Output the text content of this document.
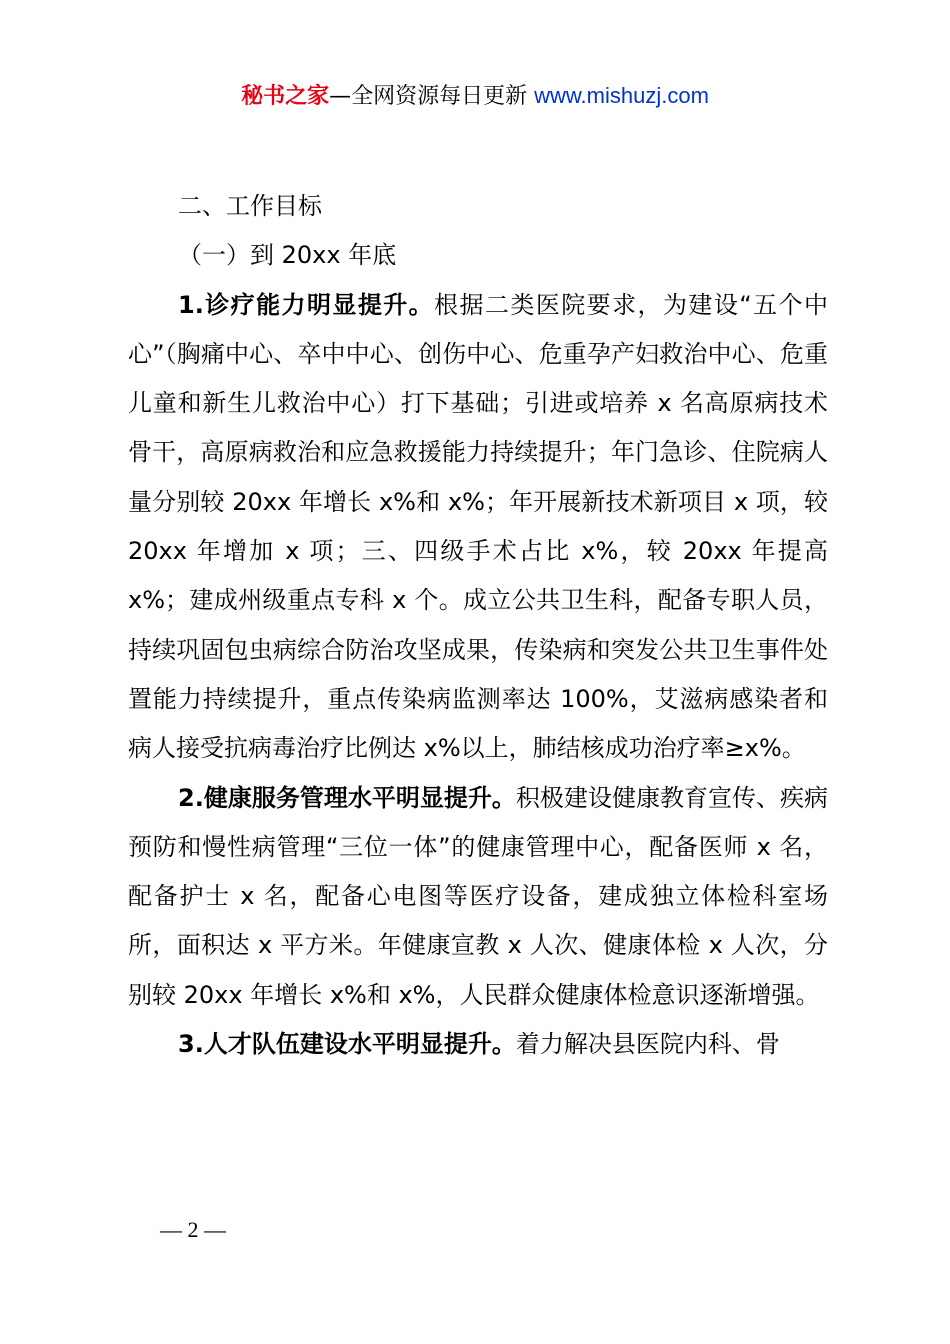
秘书之家—全网资源每日更新 www.mishuzj.com

二、工作目标

（一）到 20xx 年底

1.诊疗能力明显提升。根据二类医院要求，为建设“五个中心”（胸痛中心、卒中中心、创伤中心、危重孕产妇救治中心、危重儿童和新生儿救治中心）打下基础；引进或培养 x 名高原病技术骨干，高原病救治和应急救援能力持续提升；年门急诊、住院病人量分别较 20xx 年增长 x%和 x%；年开展新技术新项目 x 项，较 20xx 年增加 x 项；三、四级手术占比 x%，较 20xx 年提高 x%；建成州级重点专科 x 个。成立公共卫生科，配备专职人员，持续巩固包虫病综合防治攻坚成果，传染病和突发公共卫生事件处置能力持续提升，重点传染病监测率达 100%，艾滋病感染者和病人接受抗病毒治疗比例达 x%以上，肺结核成功治疗率≥x%。

2.健康服务管理水平明显提升。积极建设健康教育宣传、疾病预防和慢性病管理“三位一体”的健康管理中心，配备医师 x 名，配备护士 x 名，配备心电图等医疗设备，建成独立体检科室场所，面积达 x 平方米。年健康宣教 x 人次、健康体检 x 人次，分别较 20xx 年增长 x%和 x%，人民群众健康体检意识逐渐增强。

3.人才队伍建设水平明显提升。着力解决县医院内科、骨

— 2 —
